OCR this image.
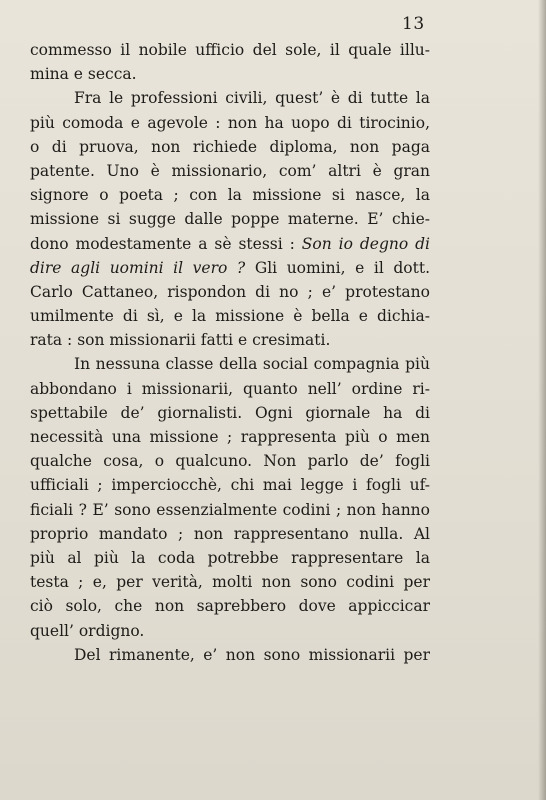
13
commesso il nobile ufficio del sole, il quale illu-
mina e secca.
Fra le professioni civili, quest’ è di tutte la
più comoda e agevole : non ha uopo di tirocinio,
o di pruova, non richiede diploma, non paga
patente. Uno è missionario, com’ altri è gran
signore o poeta ; con la missione si nasce, la
missione si sugge dalle poppe materne. E’ chie-
dono modestamente a sè stessi : Son io degno di
dire agli uomini il vero ? Gli uomini, e il dott.
Carlo Cattaneo, rispondon di no ; e’ protestano
umilmente di sì, e la missione è bella e dichia-
rata : son missionarii fatti e cresimati.
In nessuna classe della social compagnia più
abbondano i missionarii, quanto nell’ ordine ri-
spettabile de’ giornalisti. Ogni giornale ha di
necessità una missione ; rappresenta più o men
qualche cosa, o qualcuno. Non parlo de’ fogli
ufficiali ; imperciocchè, chi mai legge i fogli uf-
ficiali ? E’ sono essenzialmente codini ; non hanno
proprio mandato ; non rappresentano nulla. Al
più al più la coda potrebbe rappresentare la
testa ; e, per verità, molti non sono codini per
ciò solo, che non saprebbero dove appiccicar
quell’ ordigno.
Del rimanente, e’ non sono missionarii per
